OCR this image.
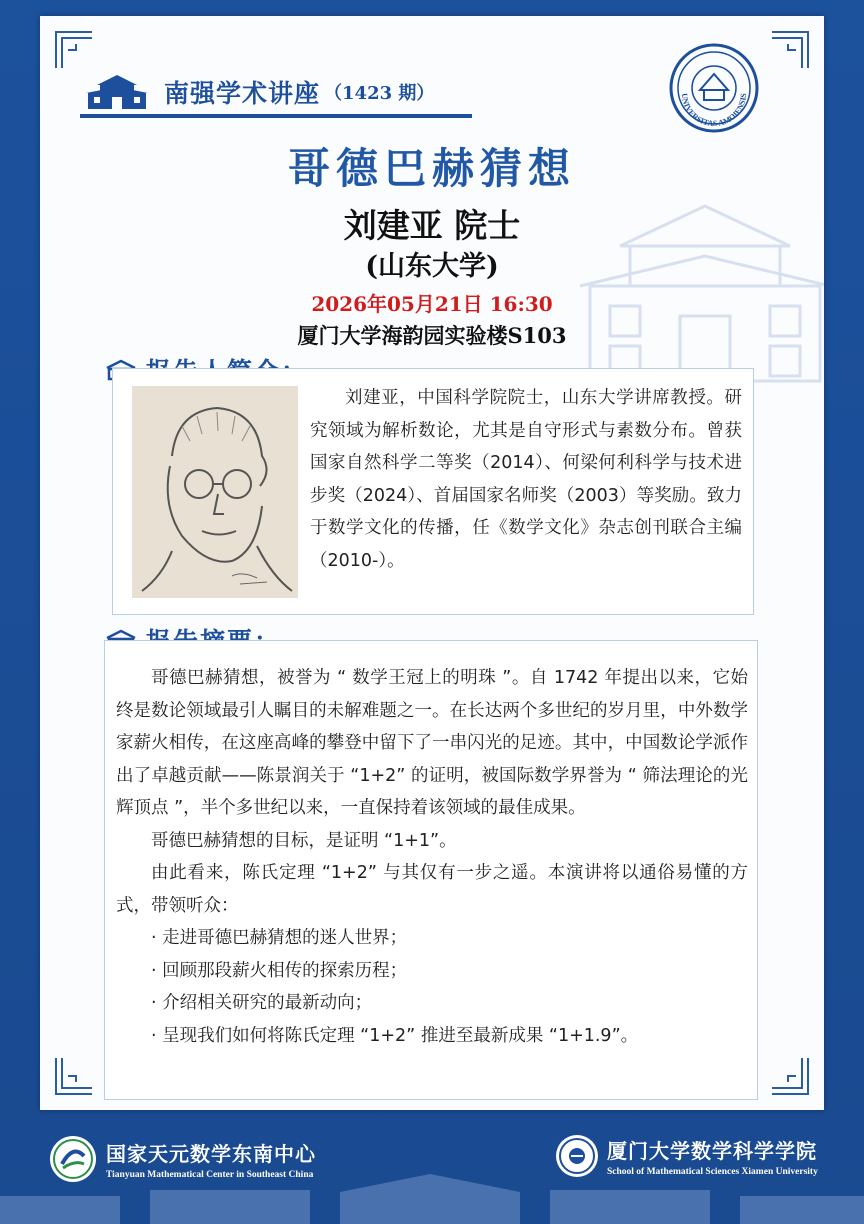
南强学术讲座 （1423 期）	UNIVERSITAS AMOIENSIS
哥德巴赫猜想
刘建亚 院士
(山东大学)
2026年05月21日 16:30
厦门大学海韵园实验楼S103

刘建亚，中国科学院院士，山东大学讲席教授。研究领域为解析数论，尤其是自守形式与素数分布。曾获国家自然科学二等奖（2014）、何梁何利科学与技术进步奖（2024）、首届国家名师奖（2003）等奖励。致力于数学文化的传播，任《数学文化》杂志创刊联合主编（2010-）。

哥德巴赫猜想，被誉为 “ 数学王冠上的明珠 ”。自 1742 年提出以来，它始终是数论领域最引人瞩目的未解难题之一。在长达两个多世纪的岁月里，中外数学家薪火相传，在这座高峰的攀登中留下了一串闪光的足迹。其中，中国数论学派作出了卓越贡献——陈景润关于 “1+2” 的证明，被国际数学界誉为 “ 筛法理论的光辉顶点 ”，半个多世纪以来，一直保持着该领域的最佳成果。

哥德巴赫猜想的目标，是证明 “1+1”。

由此看来，陈氏定理 “1+2” 与其仅有一步之遥。本演讲将以通俗易懂的方式，带领听众：

· 走进哥德巴赫猜想的迷人世界；

· 回顾那段薪火相传的探索历程；

· 介绍相关研究的最新动向；

· 呈现我们如何将陈氏定理 “1+2” 推进至最新成果 “1+1.9”。

国家天元数学东南中心
Tianyuan Mathematical Center in Southeast China
厦门大学数学科学学院
School of Mathematical Sciences Xiamen University
